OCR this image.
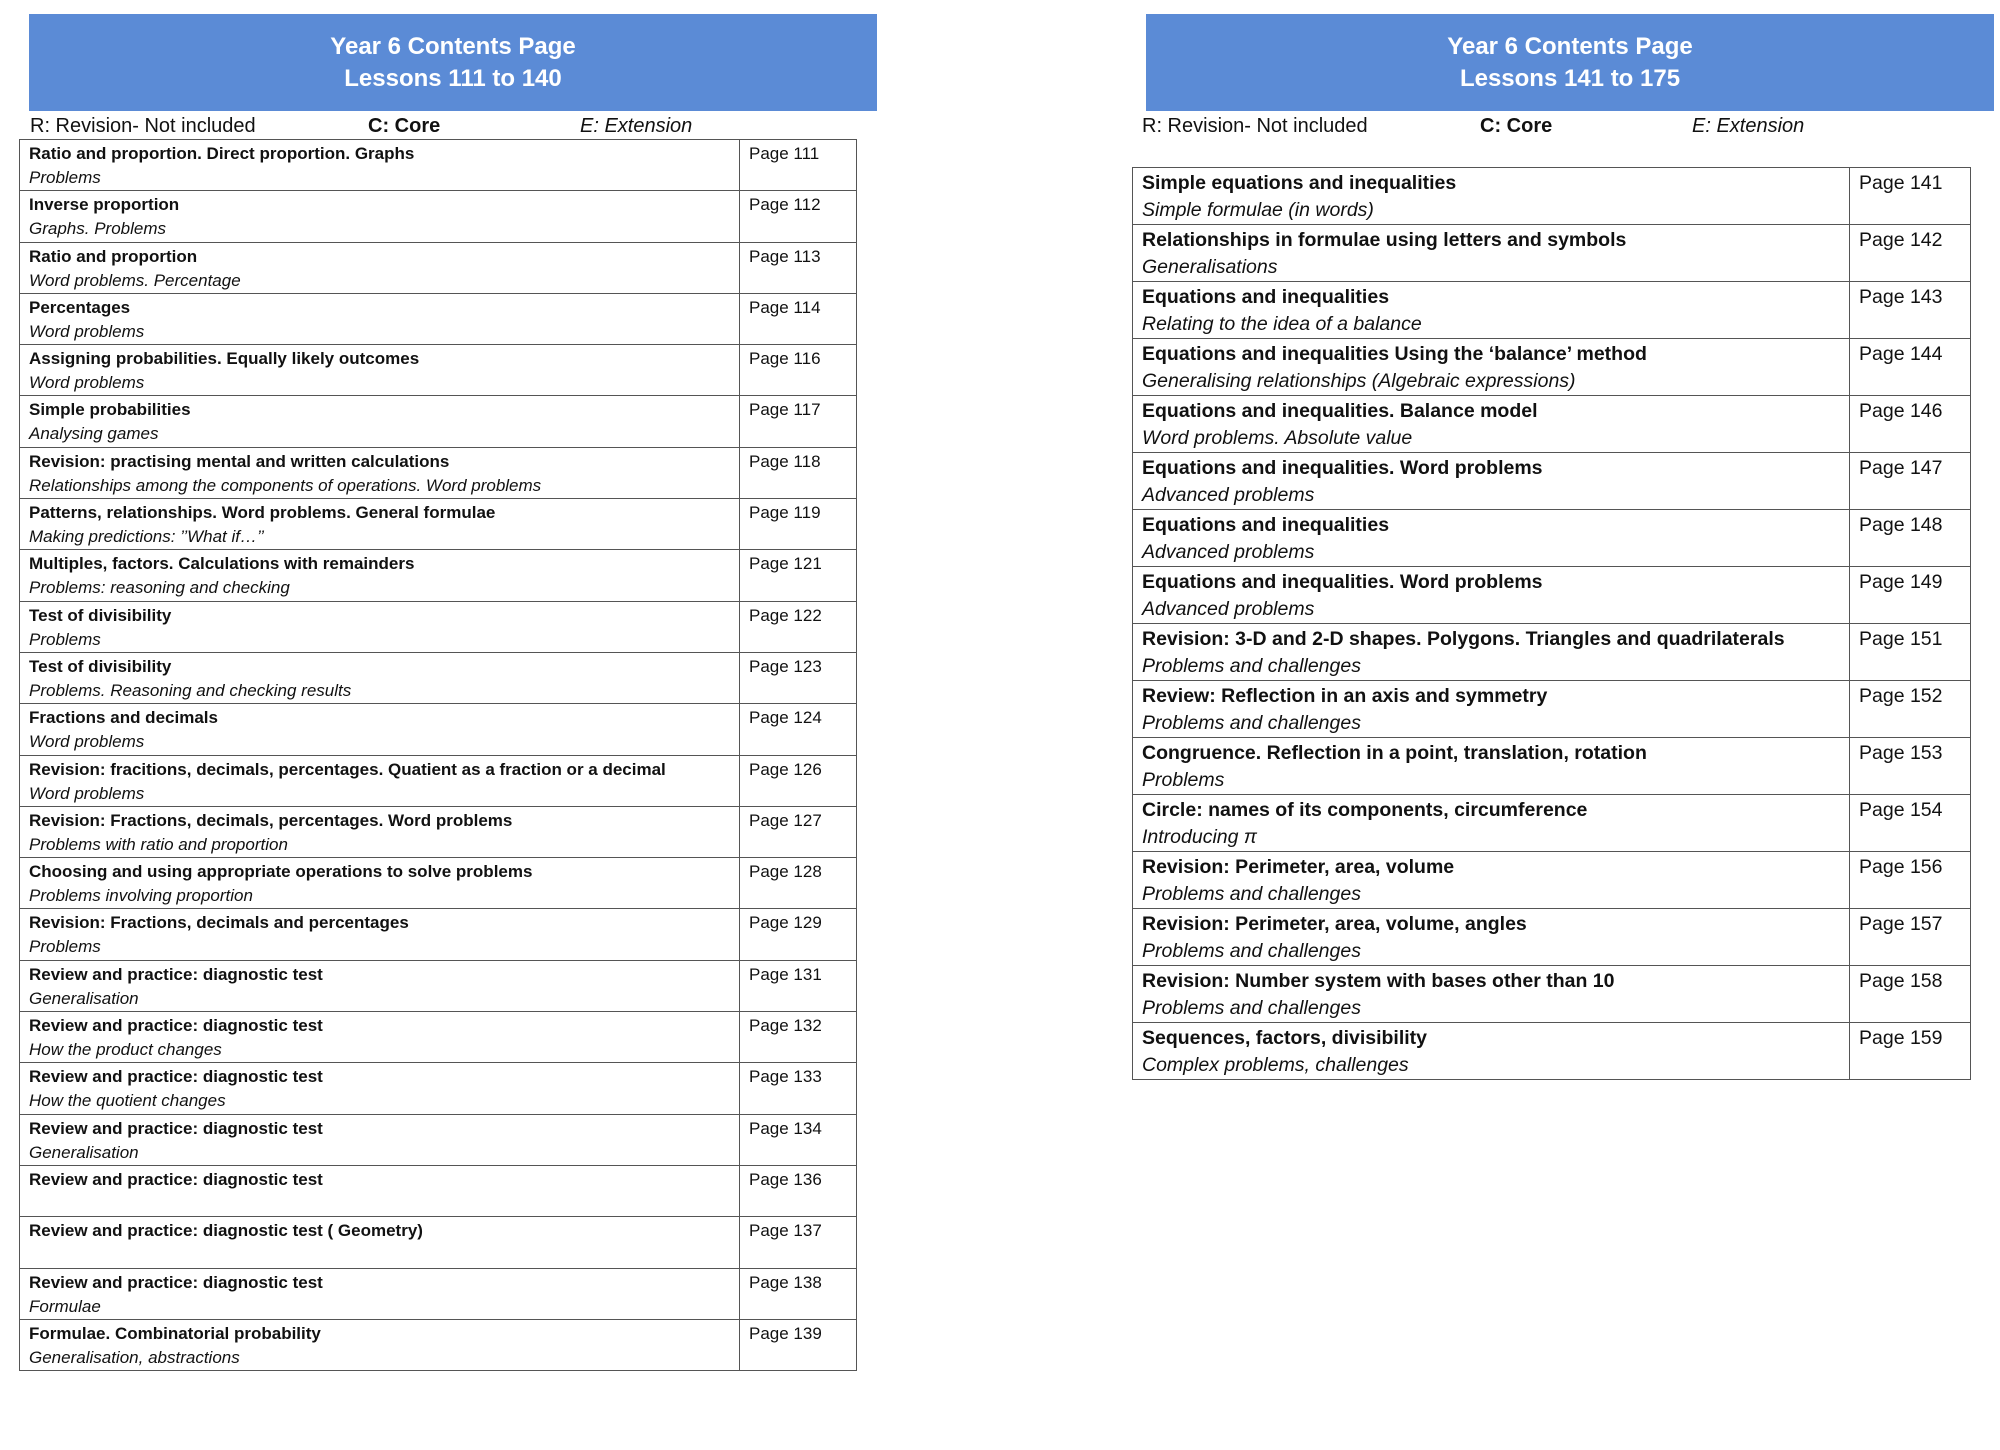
Year 6 Contents Page
Lessons 111 to 140
R: Revision- Not included	C: Core	E: Extension
Ratio and proportion. Direct proportion. Graphs
Problems	Page 111

Inverse proportion
Graphs. Problems	Page 112

Ratio and proportion
Word problems. Percentage	Page 113

Percentages
Word problems	Page 114

Assigning probabilities. Equally likely outcomes
Word problems	Page 116

Simple probabilities
Analysing games	Page 117

Revision: practising mental and written calculations
Relationships among the components of operations. Word problems	Page 118

Patterns, relationships. Word problems. General formulae
Making predictions: ’’What if…’’	Page 119

Multiples, factors. Calculations with remainders
Problems: reasoning and checking	Page 121

Test of divisibility
Problems	Page 122

Test of divisibility
Problems. Reasoning and checking results	Page 123

Fractions and decimals
Word problems	Page 124

Revision: fracitions, decimals, percentages. Quatient as a fraction or a decimal
Word problems	Page 126

Revision: Fractions, decimals, percentages. Word problems
Problems with ratio and proportion	Page 127

Choosing and using appropriate operations to solve problems
Problems involving proportion	Page 128

Revision: Fractions, decimals and percentages
Problems	Page 129

Review and practice: diagnostic test
Generalisation	Page 131

Review and practice: diagnostic test
How the product changes	Page 132

Review and practice: diagnostic test
How the quotient changes	Page 133

Review and practice: diagnostic test
Generalisation	Page 134

Review and practice: diagnostic test	Page 136

Review and practice: diagnostic test ( Geometry)	Page 137

Review and practice: diagnostic test
Formulae	Page 138

Formulae. Combinatorial probability
Generalisation, abstractions	Page 139
Year 6 Contents Page
Lessons 141 to 175
R: Revision- Not included	C: Core	E: Extension
Simple equations and inequalities
Simple formulae (in words)	Page 141

Relationships in formulae using letters and symbols
Generalisations	Page 142

Equations and inequalities
Relating to the idea of a balance	Page 143

Equations and inequalities Using the ‘balance’ method
Generalising relationships (Algebraic expressions)	Page 144

Equations and inequalities. Balance model
Word problems. Absolute value	Page 146

Equations and inequalities. Word problems
Advanced problems	Page 147

Equations and inequalities
Advanced problems	Page 148

Equations and inequalities. Word problems
Advanced problems	Page 149

Revision: 3-D and 2-D shapes. Polygons. Triangles and quadrilaterals
Problems and challenges	Page 151

Review: Reflection in an axis and symmetry
Problems and challenges	Page 152

Congruence. Reflection in a point, translation, rotation
Problems	Page 153

Circle: names of its components, circumference
Introducing π	Page 154

Revision: Perimeter, area, volume
Problems and challenges	Page 156

Revision: Perimeter, area, volume, angles
Problems and challenges	Page 157

Revision: Number system with bases other than 10
Problems and challenges	Page 158

Sequences, factors, divisibility
Complex problems, challenges	Page 159
